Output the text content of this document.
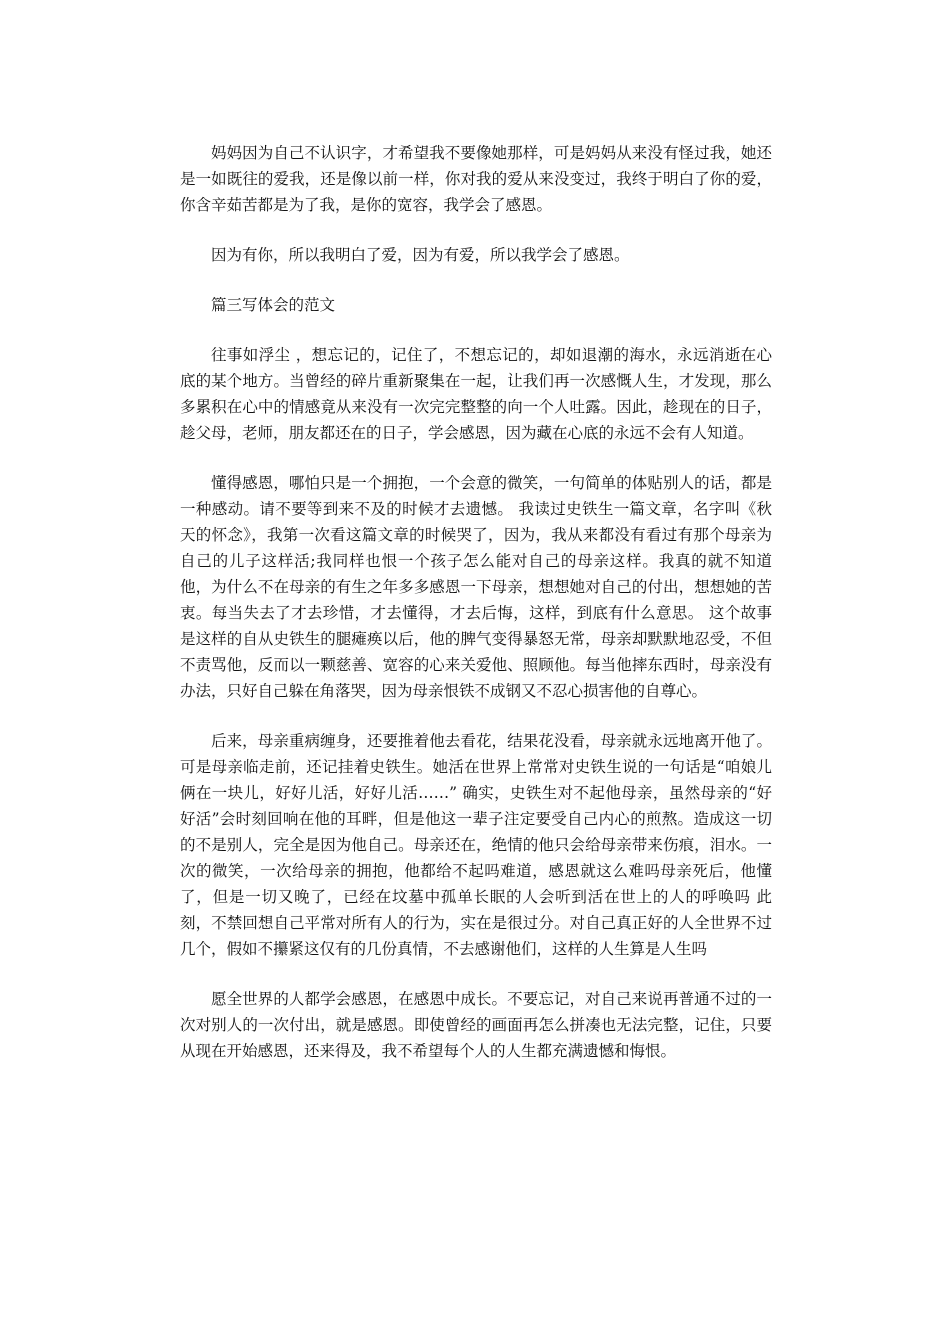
妈妈因为自己不认识字，才希望我不要像她那样，可是妈妈从来没有怪过我，她还是一如既往的爱我，还是像以前一样，你对我的爱从来没变过，我终于明白了你的爱，你含辛茹苦都是为了我，是你的宽容，我学会了感恩。

因为有你，所以我明白了爱，因为有爱，所以我学会了感恩。

篇三写体会的范文

往事如浮尘 ，想忘记的，记住了，不想忘记的，却如退潮的海水，永远消逝在心底的某个地方。当曾经的碎片重新聚集在一起，让我们再一次感慨人生，才发现，那么多累积在心中的情感竟从来没有一次完完整整的向一个人吐露。因此，趁现在的日子，趁父母，老师，朋友都还在的日子，学会感恩，因为藏在心底的永远不会有人知道。

懂得感恩，哪怕只是一个拥抱，一个会意的微笑，一句简单的体贴别人的话，都是一种感动。请不要等到来不及的时候才去遗憾。 我读过史铁生一篇文章，名字叫《秋天的怀念》，我第一次看这篇文章的时候哭了，因为，我从来都没有看过有那个母亲为自己的儿子这样活;我同样也恨一个孩子怎么能对自己的母亲这样。我真的就不知道他，为什么不在母亲的有生之年多多感恩一下母亲，想想她对自己的付出，想想她的苦衷。每当失去了才去珍惜，才去懂得，才去后悔，这样，到底有什么意思。 这个故事是这样的自从史铁生的腿瘫痪以后，他的脾气变得暴怒无常，母亲却默默地忍受，不但不责骂他，反而以一颗慈善、宽容的心来关爱他、照顾他。每当他摔东西时，母亲没有办法，只好自己躲在角落哭，因为母亲恨铁不成钢又不忍心损害他的自尊心。

后来，母亲重病缠身，还要推着他去看花，结果花没看，母亲就永远地离开他了。可是母亲临走前，还记挂着史铁生。她活在世界上常常对史铁生说的一句话是“咱娘儿俩在一块儿，好好儿活，好好儿活……” 确实，史铁生对不起他母亲，虽然母亲的“好好活”会时刻回响在他的耳畔，但是他这一辈子注定要受自己内心的煎熬。造成这一切的不是别人，完全是因为他自己。母亲还在，绝情的他只会给母亲带来伤痕，泪水。一次的微笑，一次给母亲的拥抱，他都给不起吗难道，感恩就这么难吗母亲死后，他懂了，但是一切又晚了，已经在坟墓中孤单长眠的人会听到活在世上的人的呼唤吗 此刻，不禁回想自己平常对所有人的行为，实在是很过分。对自己真正好的人全世界不过几个，假如不攥紧这仅有的几份真情，不去感谢他们，这样的人生算是人生吗

愿全世界的人都学会感恩，在感恩中成长。不要忘记，对自己来说再普通不过的一次对别人的一次付出，就是感恩。即使曾经的画面再怎么拼凑也无法完整，记住，只要从现在开始感恩，还来得及，我不希望每个人的人生都充满遗憾和悔恨。
